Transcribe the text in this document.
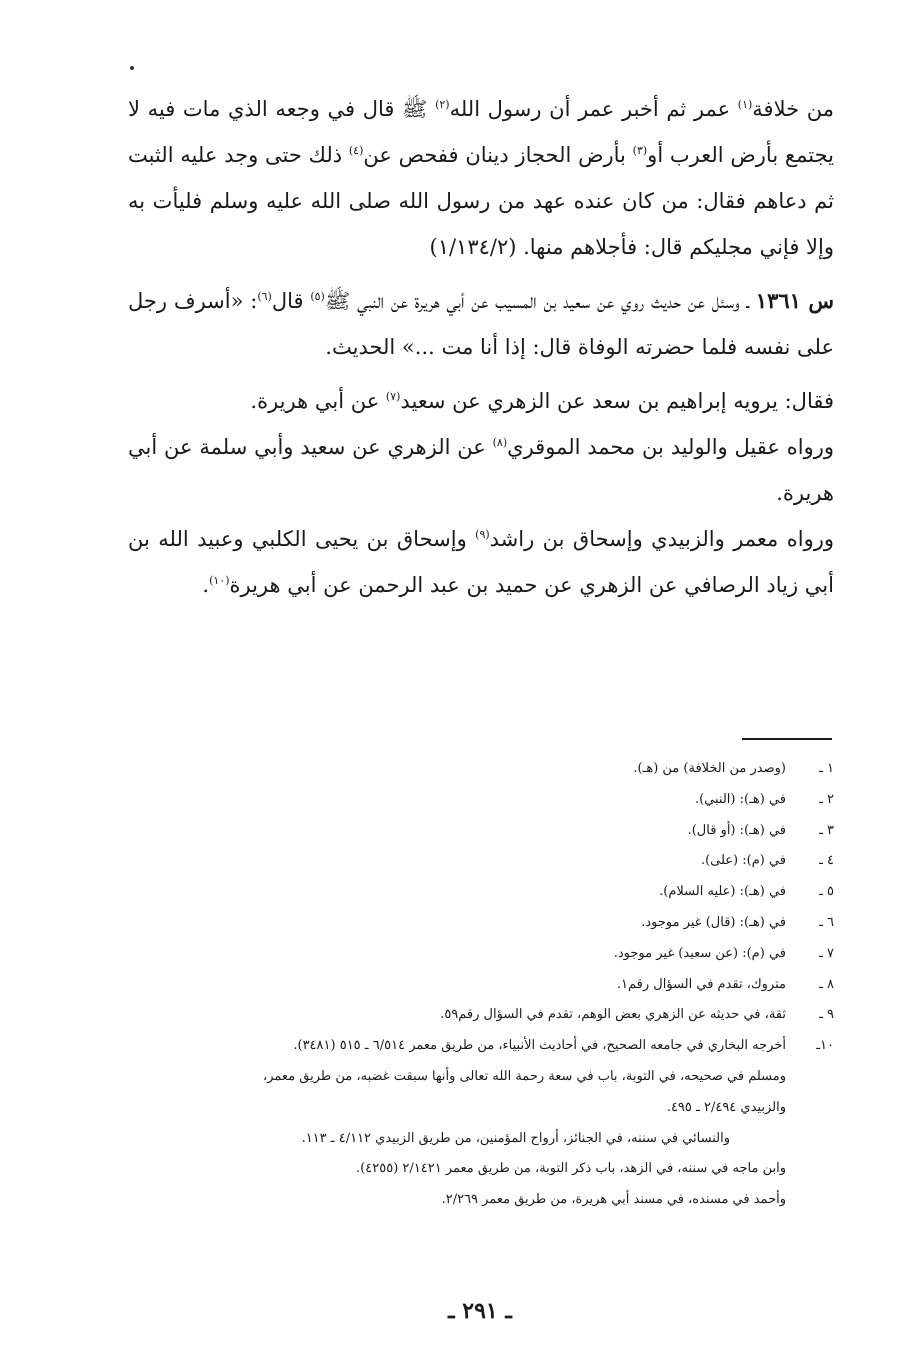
من خلافة$^{(١)}$ عمر ثم أخبر عمر أن رسول الله$^{(٢)}$ ﷺ قال في وجعه الذي مات فيه لا يجتمع بأرض العرب أو$^{(٣)}$ بأرض الحجاز دينان ففحص عن$^{(٤)}$ ذلك حتى وجد عليه الثبت ثم دعاهم فقال: من كان عنده عهد من رسول الله صلى الله عليه وسلم فليأت به وإلا فإني مجليكم قال: فأجلاهم منها. (١/١٣٤/٢)

س ١٣٦١ ـ وسئل عن حديث روي عن سعيد بن المسيب عن أبي هريرة عن النبي ﷺ$^{(٥)}$ قال$^{(٦)}$: «أسرف رجل على نفسه فلما حضرته الوفاة قال: إذا أنا مت ...» الحديث.

فقال: يرويه إبراهيم بن سعد عن الزهري عن سعيد$^{(٧)}$ عن أبي هريرة.

ورواه عقيل والوليد بن محمد الموقري$^{(٨)}$ عن الزهري عن سعيد وأبي سلمة عن أبي هريرة.

ورواه معمر والزبيدي وإسحاق بن راشد$^{(٩)}$ وإسحاق بن يحيى الكلبي وعبيد الله بن أبي زياد الرصافي عن الزهري عن حميد بن عبد الرحمن عن أبي هريرة$^{(١٠)}$.

١ ـ
(وصدر من الخلافة) من (هـ).
٢ ـ
في (هـ): (النبي).
٣ ـ
في (هـ): (أو قال).
٤ ـ
في (م): (على).
٥ ـ
في (هـ): (عليه السلام).
٦ ـ
في (هـ): (قال) غير موجود.
٧ ـ
في (م): (عن سعيد) غير موجود.
٨ ـ
متروك، تقدم في السؤال رقم١.
٩ ـ
ثقة، في حديثه عن الزهري بعض الوهم، تقدم في السؤال رقم٥٩.
١٠ـ
أخرجه البخاري في جامعه الصحيح، في أحاديث الأنبياء، من طريق معمر ٦/٥١٤ ـ ٥١٥ (٣٤٨١).
ومسلم في صحيحه، في التوبة، باب في سعة رحمة الله تعالى وأنها سبقت غضبه، من طريق معمر،
والزبيدي ٢/٤٩٤ ـ ٤٩٥.
والنسائي في سننه، في الجنائز، أرواح المؤمنين، من طريق الزبيدي ٤/١١٢ ـ ١١٣.
وابن ماجه في سننه، في الزهد، باب ذكر التوبة، من طريق معمر ٢/١٤٢١ (٤٢٥٥).
وأحمد في مسنده، في مسند أبي هريرة، من طريق معمر ٢/٢٦٩.
ـ ٢٩١ ـ
